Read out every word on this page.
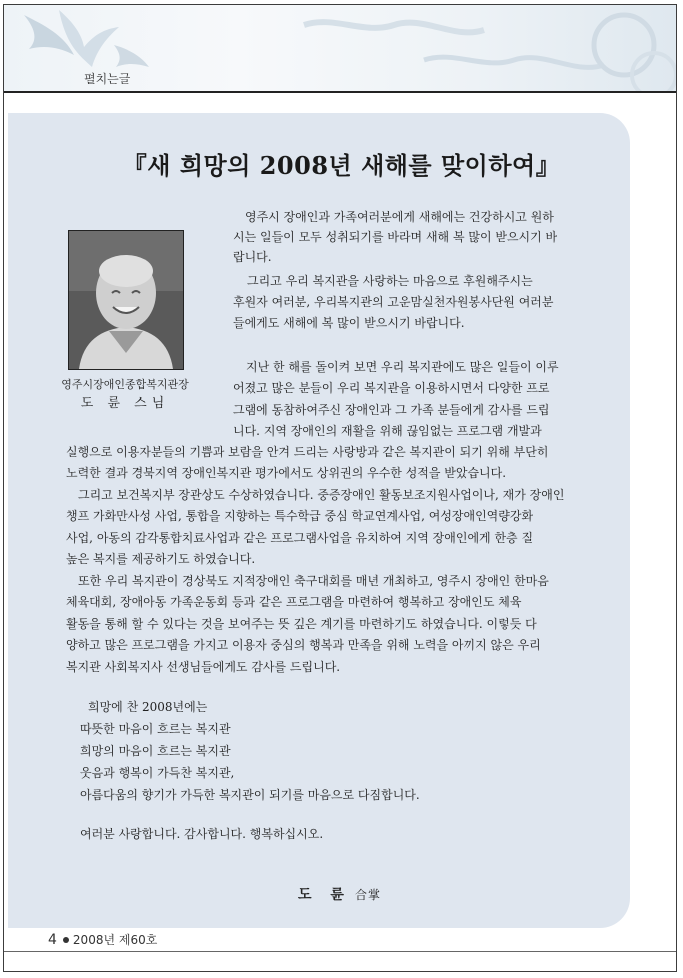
펼치는글
『새 희망의 2008년 새해를 맞이하여』
영주시장애인종합복지관장
도 륜 스님
영주시 장애인과 가족여러분에게 새해에는 건강하시고 원하
시는 일들이 모두 성취되기를 바라며 새해 복 많이 받으시기 바
랍니다.
그리고 우리 복지관을 사랑하는 마음으로 후원해주시는
후원자 여러분, 우리복지관의 고운맘실천자원봉사단원 여러분
들에게도 새해에 복 많이 받으시기 바랍니다.
지난 한 해를 돌이켜 보면 우리 복지관에도 많은 일들이 이루
어졌고 많은 분들이 우리 복지관을 이용하시면서 다양한 프로
그램에 동참하여주신 장애인과 그 가족 분들에게 감사를 드립
니다. 지역 장애인의 재활을 위해 끊임없는 프로그램 개발과
실행으로 이용자분들의 기쁨과 보람을 안겨 드리는 사랑방과 같은 복지관이 되기 위해 부단히
노력한 결과 경북지역 장애인복지관 평가에서도 상위권의 우수한 성적을 받았습니다.
그리고 보건복지부 장관상도 수상하였습니다. 중증장애인 활동보조지원사업이나, 재가 장애인
챙프 가화만사성 사업, 통합을 지향하는 특수학급 중심 학교연계사업, 여성장애인역량강화
사업, 아동의 감각통합치료사업과 같은 프로그램사업을 유치하여 지역 장애인에게 한층 질
높은 복지를 제공하기도 하였습니다.
또한 우리 복지관이 경상북도 지적장애인 축구대회를 매년 개최하고, 영주시 장애인 한마음
체육대회, 장애아동 가족운동회 등과 같은 프로그램을 마련하여 행복하고 장애인도 체육
활동을 통해 할 수 있다는 것을 보여주는 뜻 깊은 계기를 마련하기도 하였습니다. 이렇듯 다
양하고 많은 프로그램을 가지고 이용자 중심의 행복과 만족을 위해 노력을 아끼지 않은 우리
복지관 사회복지사 선생님들에게도 감사를 드립니다.
희망에 찬 2008년에는
따뜻한 마음이 흐르는 복지관
희망의 마음이 흐르는 복지관
웃음과 행복이 가득찬 복지관,
아름다움의 향기가 가득한 복지관이 되기를 마음으로 다짐합니다.
여러분 사랑합니다. 감사합니다. 행복하십시오.
도 륜 合掌
4 2008년 제60호
